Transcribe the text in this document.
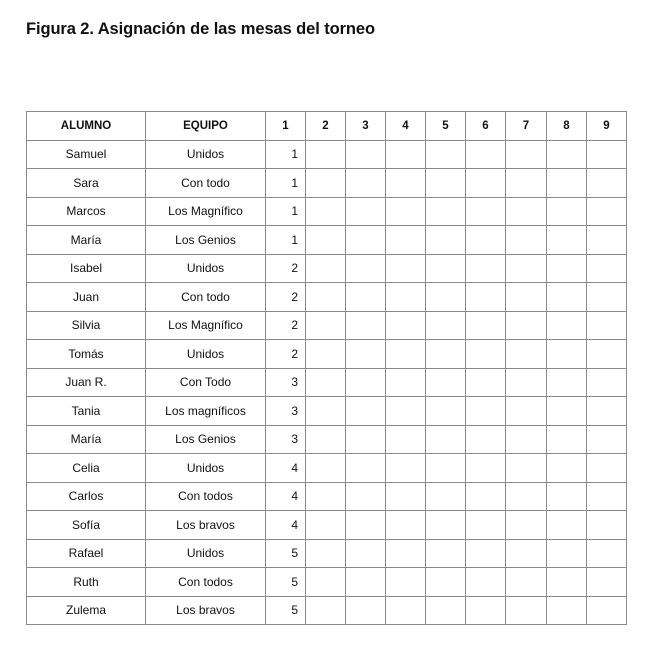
Figura 2. Asignación de las mesas del torneo
ALUMNO	EQUIPO	1	2	3	4	5	6	7	8	9
Samuel	Unidos	1								
Sara	Con todo	1								
Marcos	Los Magnífico	1								
María	Los Genios	1								
Isabel	Unidos	2								
Juan	Con todo	2								
Silvia	Los Magnífico	2								
Tomás	Unidos	2								
Juan R.	Con Todo	3								
Tania	Los magníficos	3								
María	Los Genios	3								
Celia	Unidos	4								
Carlos	Con todos	4								
Sofía	Los bravos	4								
Rafael	Unidos	5								
Ruth	Con todos	5								
Zulema	Los bravos	5								
